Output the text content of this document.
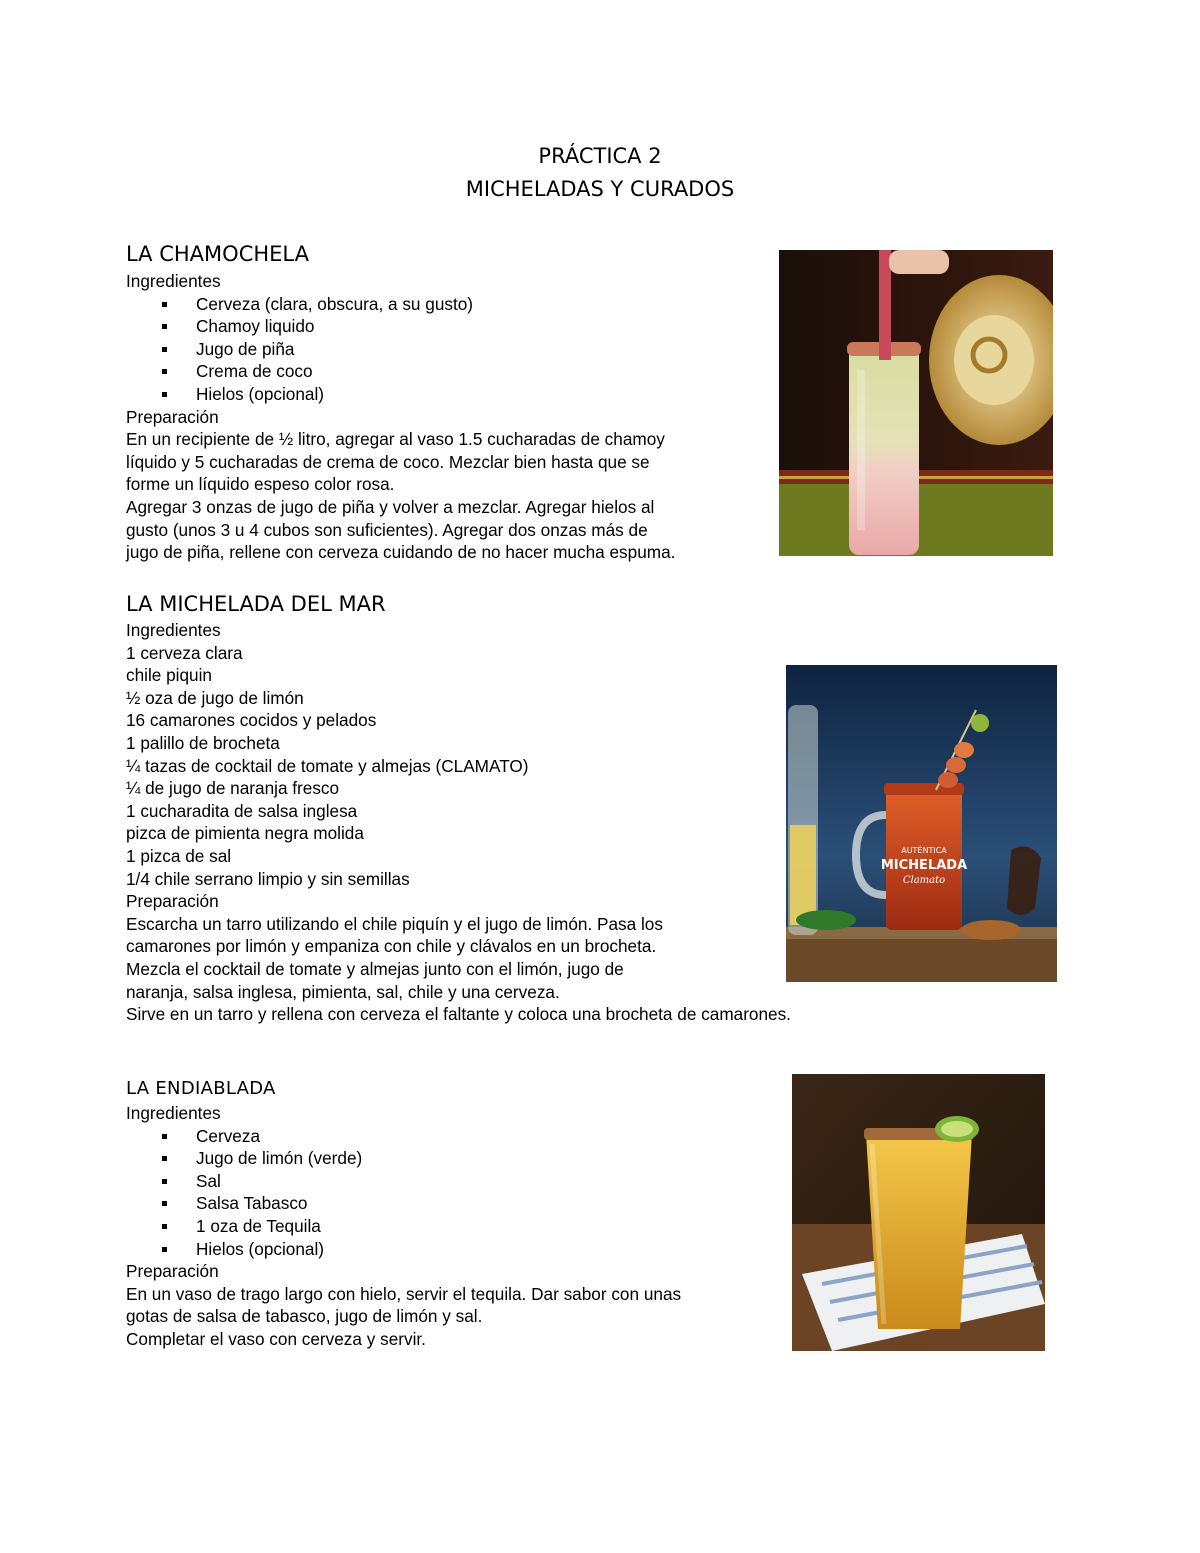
PRÁCTICA 2
MICHELADAS Y CURADOS
LA CHAMOCHELA
Ingredientes
Cerveza (clara, obscura, a su gusto)
Chamoy liquido
Jugo de piña
Crema de coco
Hielos (opcional)
Preparación
En un recipiente de ½ litro, agregar al vaso 1.5 cucharadas de chamoy
líquido y 5 cucharadas de crema de coco. Mezclar bien hasta que se
forme un líquido espeso color rosa.
Agregar 3 onzas de jugo de piña y volver a mezclar. Agregar hielos al
gusto (unos 3 u 4 cubos son suficientes). Agregar dos onzas más de
jugo de piña, rellene con cerveza cuidando de no hacer mucha espuma.
LA MICHELADA DEL MAR
Ingredientes
1 cerveza clara
chile piquin
½ oza de jugo de limón
16 camarones cocidos y pelados
1 palillo de brocheta
¼ tazas de cocktail de tomate y almejas (CLAMATO)
¼ de jugo de naranja fresco
1 cucharadita de salsa inglesa
pizca de pimienta negra molida
1 pizca de sal
1/4 chile serrano limpio y sin semillas
Preparación
Escarcha un tarro utilizando el chile piquín y el jugo de limón. Pasa los
camarones por limón y empaniza con chile y clávalos en un brocheta.
Mezcla el cocktail de tomate y almejas junto con el limón, jugo de
naranja, salsa inglesa, pimienta, sal, chile y una cerveza.
Sirve en un tarro y rellena con cerveza el faltante y coloca una brocheta de camarones.
AUTÉNTICA
MICHELADA
Clamato
LA ENDIABLADA
Ingredientes
Cerveza
Jugo de limón (verde)
Sal
Salsa Tabasco
1 oza de Tequila
Hielos (opcional)
Preparación
En un vaso de trago largo con hielo, servir el tequila. Dar sabor con unas
gotas de salsa de tabasco, jugo de limón y sal.
Completar el vaso con cerveza y servir.
